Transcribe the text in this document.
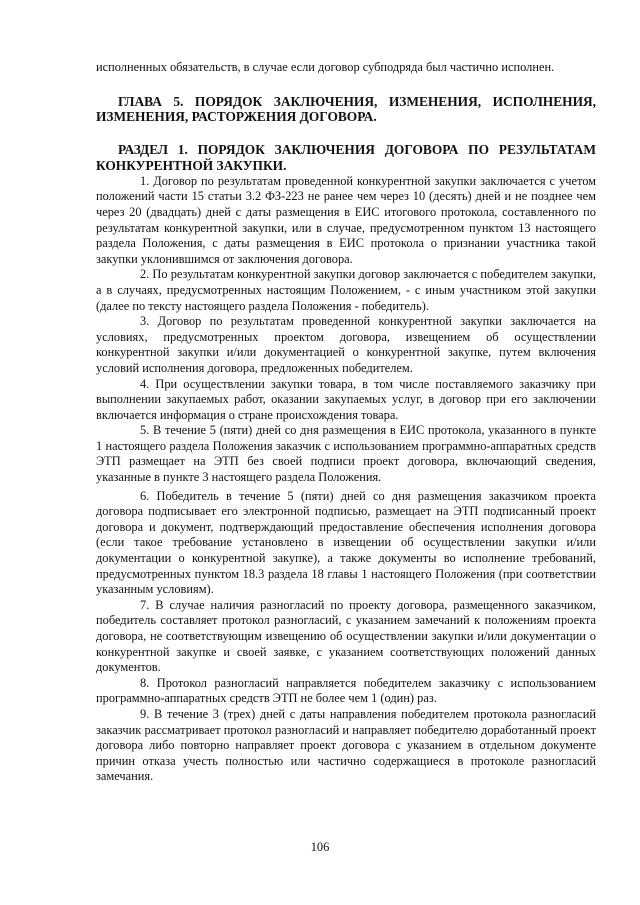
исполненных обязательств, в случае если договор субподряда был частично исполнен.

ГЛАВА 5. ПОРЯДОК ЗАКЛЮЧЕНИЯ, ИЗМЕНЕНИЯ, ИСПОЛНЕНИЯ, ИЗМЕНЕНИЯ, РАСТОРЖЕНИЯ ДОГОВОРА.

РАЗДЕЛ 1. ПОРЯДОК ЗАКЛЮЧЕНИЯ ДОГОВОРА ПО РЕЗУЛЬТАТАМ КОНКУРЕНТНОЙ ЗАКУПКИ.

1. Договор по результатам проведенной конкурентной закупки заключается с учетом положений части 15 статьи 3.2 ФЗ-223 не ранее чем через 10 (десять) дней и не позднее чем через 20 (двадцать) дней с даты размещения в ЕИС итогового протокола, составленного по результатам конкурентной закупки, или в случае, предусмотренном пунктом 13 настоящего раздела Положения, с даты размещения в ЕИС протокола о признании участника такой закупки уклонившимся от заключения договора.

2. По результатам конкурентной закупки договор заключается с победителем закупки, а в случаях, предусмотренных настоящим Положением, - с иным участником этой закупки (далее по тексту настоящего раздела Положения - победитель).

3. Договор по результатам проведенной конкурентной закупки заключается на условиях, предусмотренных проектом договора, извещением об осуществлении конкурентной закупки и/или документацией о конкурентной закупке, путем включения условий исполнения договора, предложенных победителем.

4. При осуществлении закупки товара, в том числе поставляемого заказчику при выполнении закупаемых работ, оказании закупаемых услуг, в договор при его заключении включается информация о стране происхождения товара.

5. В течение 5 (пяти) дней со дня размещения в ЕИС протокола, указанного в пункте 1 настоящего раздела Положения заказчик с использованием программно-аппаратных средств ЭТП размещает на ЭТП без своей подписи проект договора, включающий сведения, указанные в пункте 3 настоящего раздела Положения.

6. Победитель в течение 5 (пяти) дней со дня размещения заказчиком проекта договора подписывает его электронной подписью, размещает на ЭТП подписанный проект договора и документ, подтверждающий предоставление обеспечения исполнения договора (если такое требование установлено в извещении об осуществлении закупки и/или документации о конкурентной закупке), а также документы во исполнение требований, предусмотренных пунктом 18.3 раздела 18 главы 1 настоящего Положения (при соответствии указанным условиям).

7. В случае наличия разногласий по проекту договора, размещенного заказчиком, победитель составляет протокол разногласий, с указанием замечаний к положениям проекта договора, не соответствующим извещению об осуществлении закупки и/или документации о конкурентной закупке и своей заявке, с указанием соответствующих положений данных документов.

8. Протокол разногласий направляется победителем заказчику с использованием программно-аппаратных средств ЭТП не более чем 1 (один) раз.

9. В течение 3 (трех) дней с даты направления победителем протокола разногласий заказчик рассматривает протокол разногласий и направляет победителю доработанный проект договора либо повторно направляет проект договора с указанием в отдельном документе причин отказа учесть полностью или частично содержащиеся в протоколе разногласий замечания.

106
